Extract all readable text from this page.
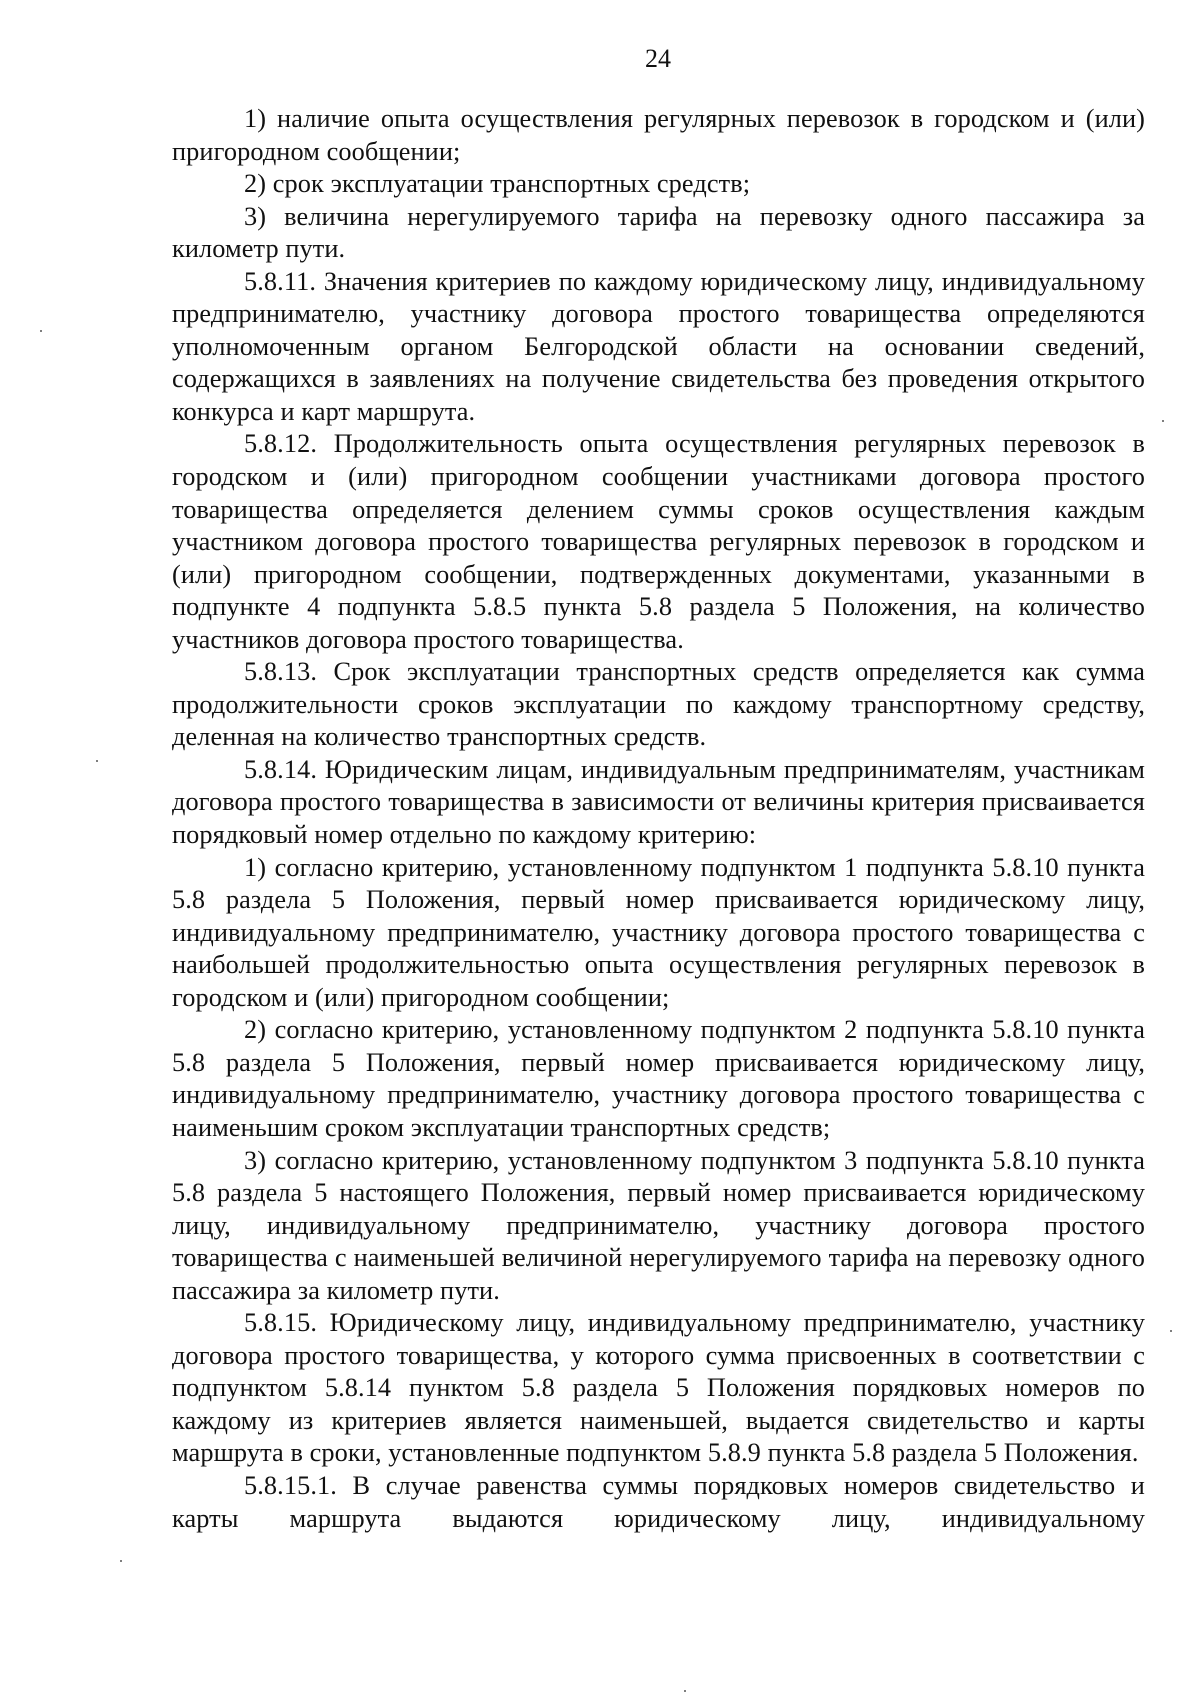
24

1) наличие опыта осуществления регулярных перевозок в городском и (или) пригородном сообщении;

2) срок эксплуатации транспортных средств;

3) величина нерегулируемого тарифа на перевозку одного пассажира за километр пути.

5.8.11. Значения критериев по каждому юридическому лицу, индивидуальному предпринимателю, участнику договора простого товарищества определяются уполномоченным органом Белгородской области на основании сведений, содержащихся в заявлениях на получение свидетельства без проведения открытого конкурса и карт маршрута.

5.8.12. Продолжительность опыта осуществления регулярных перевозок в городском и (или) пригородном сообщении участниками договора простого товарищества определяется делением суммы сроков осуществления каждым участником договора простого товарищества регулярных перевозок в городском и (или) пригородном сообщении, подтвержденных документами, указанными в подпункте 4 подпункта 5.8.5 пункта 5.8 раздела 5 Положения, на количество участников договора простого товарищества.

5.8.13. Срок эксплуатации транспортных средств определяется как сумма продолжительности сроков эксплуатации по каждому транспортному средству, деленная на количество транспортных средств.

5.8.14. Юридическим лицам, индивидуальным предпринимателям, участникам договора простого товарищества в зависимости от величины критерия присваивается порядковый номер отдельно по каждому критерию:

1) согласно критерию, установленному подпунктом 1 подпункта 5.8.10 пункта 5.8 раздела 5 Положения, первый номер присваивается юридическому лицу, индивидуальному предпринимателю, участнику договора простого товарищества с наибольшей продолжительностью опыта осуществления регулярных перевозок в городском и (или) пригородном сообщении;

2) согласно критерию, установленному подпунктом 2 подпункта 5.8.10 пункта 5.8 раздела 5 Положения, первый номер присваивается юридическому лицу, индивидуальному предпринимателю, участнику договора простого товарищества с наименьшим сроком эксплуатации транспортных средств;

3) согласно критерию, установленному подпунктом 3 подпункта 5.8.10 пункта 5.8 раздела 5 настоящего Положения, первый номер присваивается юридическому лицу, индивидуальному предпринимателю, участнику договора простого товарищества с наименьшей величиной нерегулируемого тарифа на перевозку одного пассажира за километр пути.

5.8.15. Юридическому лицу, индивидуальному предпринимателю, участнику договора простого товарищества, у которого сумма присвоенных в соответствии с подпунктом 5.8.14 пунктом 5.8 раздела 5 Положения порядковых номеров по каждому из критериев является наименьшей, выдается свидетельство и карты маршрута в сроки, установленные подпунктом 5.8.9 пункта 5.8 раздела 5 Положения.

5.8.15.1. В случае равенства суммы порядковых номеров свидетельство и карты маршрута выдаются юридическому лицу, индивидуальному
